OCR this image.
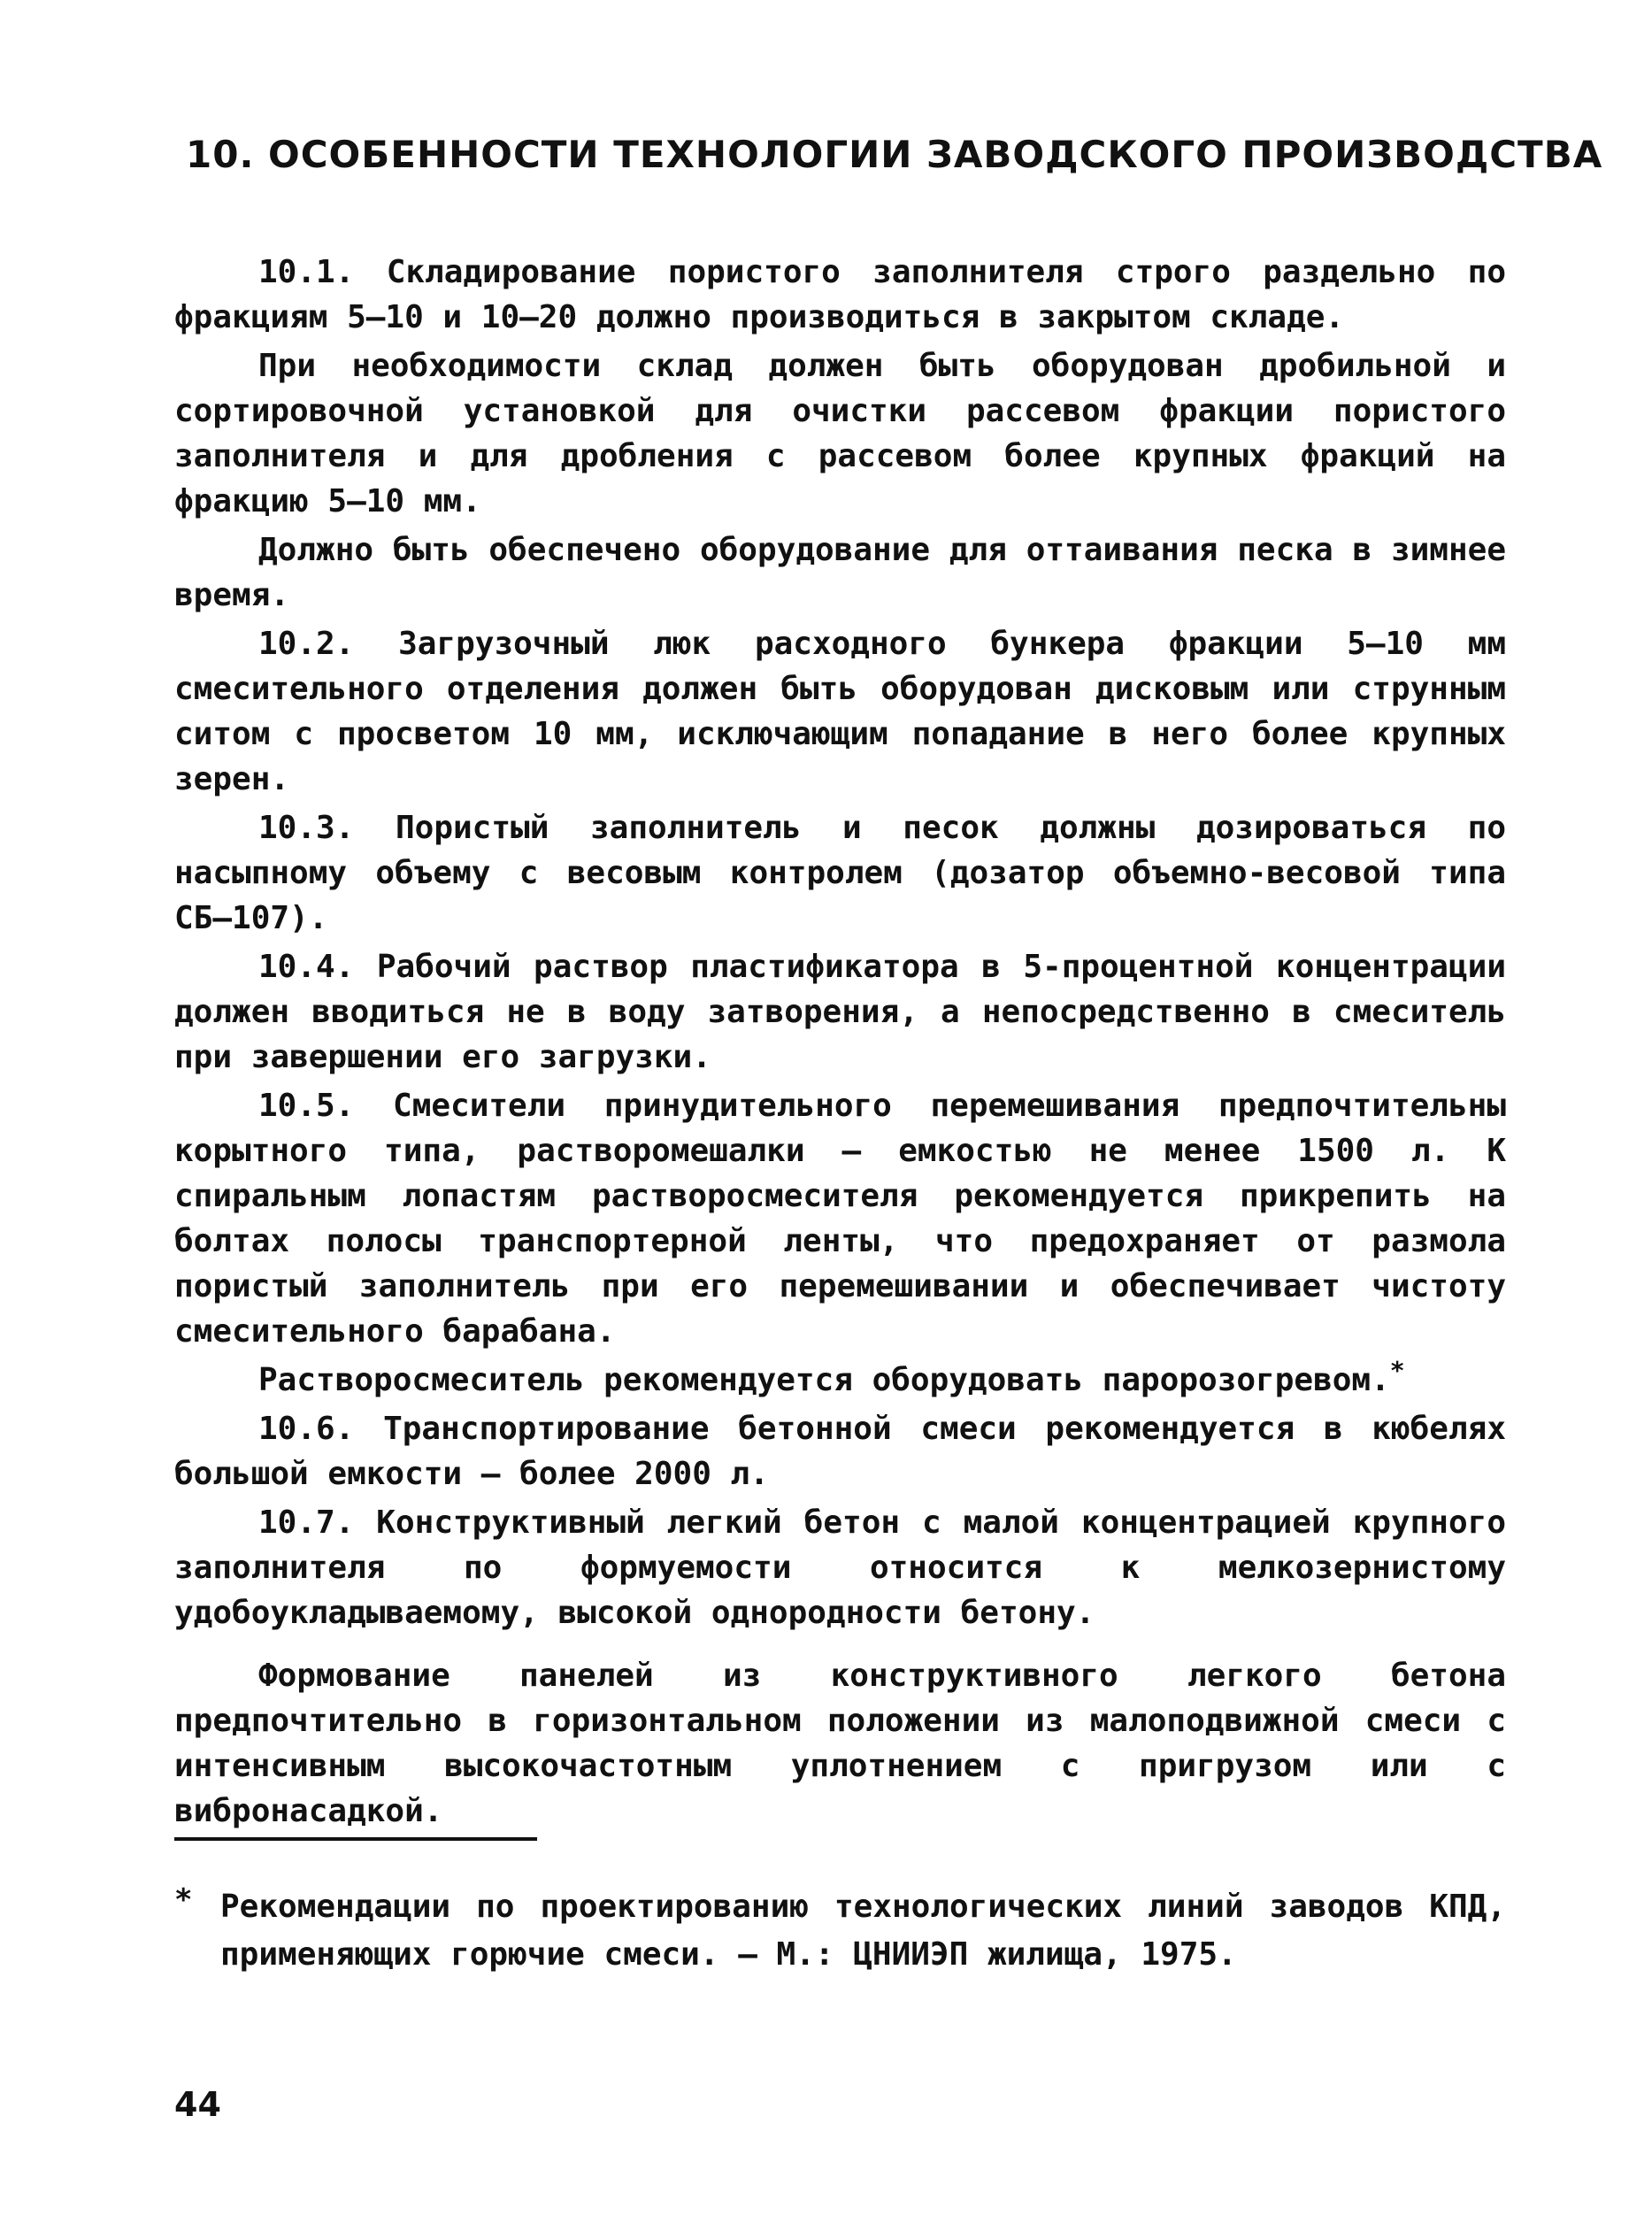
10. ОСОБЕННОСТИ ТЕХНОЛОГИИ ЗАВОДСКОГО ПРОИЗВОДСТВА

10.1. Складирование пористого заполнителя строго раздельно по фракциям 5–10 и 10–20 должно производиться в закрытом складе.

При необходимости склад должен быть оборудован дробильной и сортировочной установкой для очистки рассевом фракции пористого заполнителя и для дробления с рассевом более крупных фракций на фракцию 5–10 мм.

Должно быть обеспечено оборудование для оттаивания песка в зимнее время.

10.2. Загрузочный люк расходного бункера фракции 5–10 мм смесительного отделения должен быть оборудован дисковым или струнным ситом с просветом 10 мм, исключающим попадание в него более крупных зерен.

10.3. Пористый заполнитель и песок должны дозироваться по насыпному объему с весовым контролем (дозатор объемно-весовой типа СБ–107).

10.4. Рабочий раствор пластификатора в 5-процентной концентрации должен вводиться не в воду затворения, а непосредственно в смеситель при завершении его загрузки.

10.5. Смесители принудительного перемешивания предпочтительны корытного типа, растворомешалки – емкостью не менее 1500 л. К спиральным лопастям растворосмесителя рекомендуется прикрепить на болтах полосы транспортерной ленты, что предохраняет от размола пористый заполнитель при его перемешивании и обеспечивает чистоту смесительного барабана.

Растворосмеситель рекомендуется оборудовать паророзогревом.*

10.6. Транспортирование бетонной смеси рекомендуется в кюбелях большой емкости – более 2000 л.

10.7. Конструктивный легкий бетон с малой концентрацией крупного заполнителя по формуемости относится к мелкозернистому удобоукладываемому, высокой однородности бетону.

Формование панелей из конструктивного легкого бетона предпочтительно в горизонтальном положении из малоподвижной смеси с интенсивным высокочастотным уплотнением с пригрузом или с вибронасадкой.

* Рекомендации по проектированию технологических линий заводов КПД, применяющих горючие смеси. – М.: ЦНИИЭП жилища, 1975.
44
